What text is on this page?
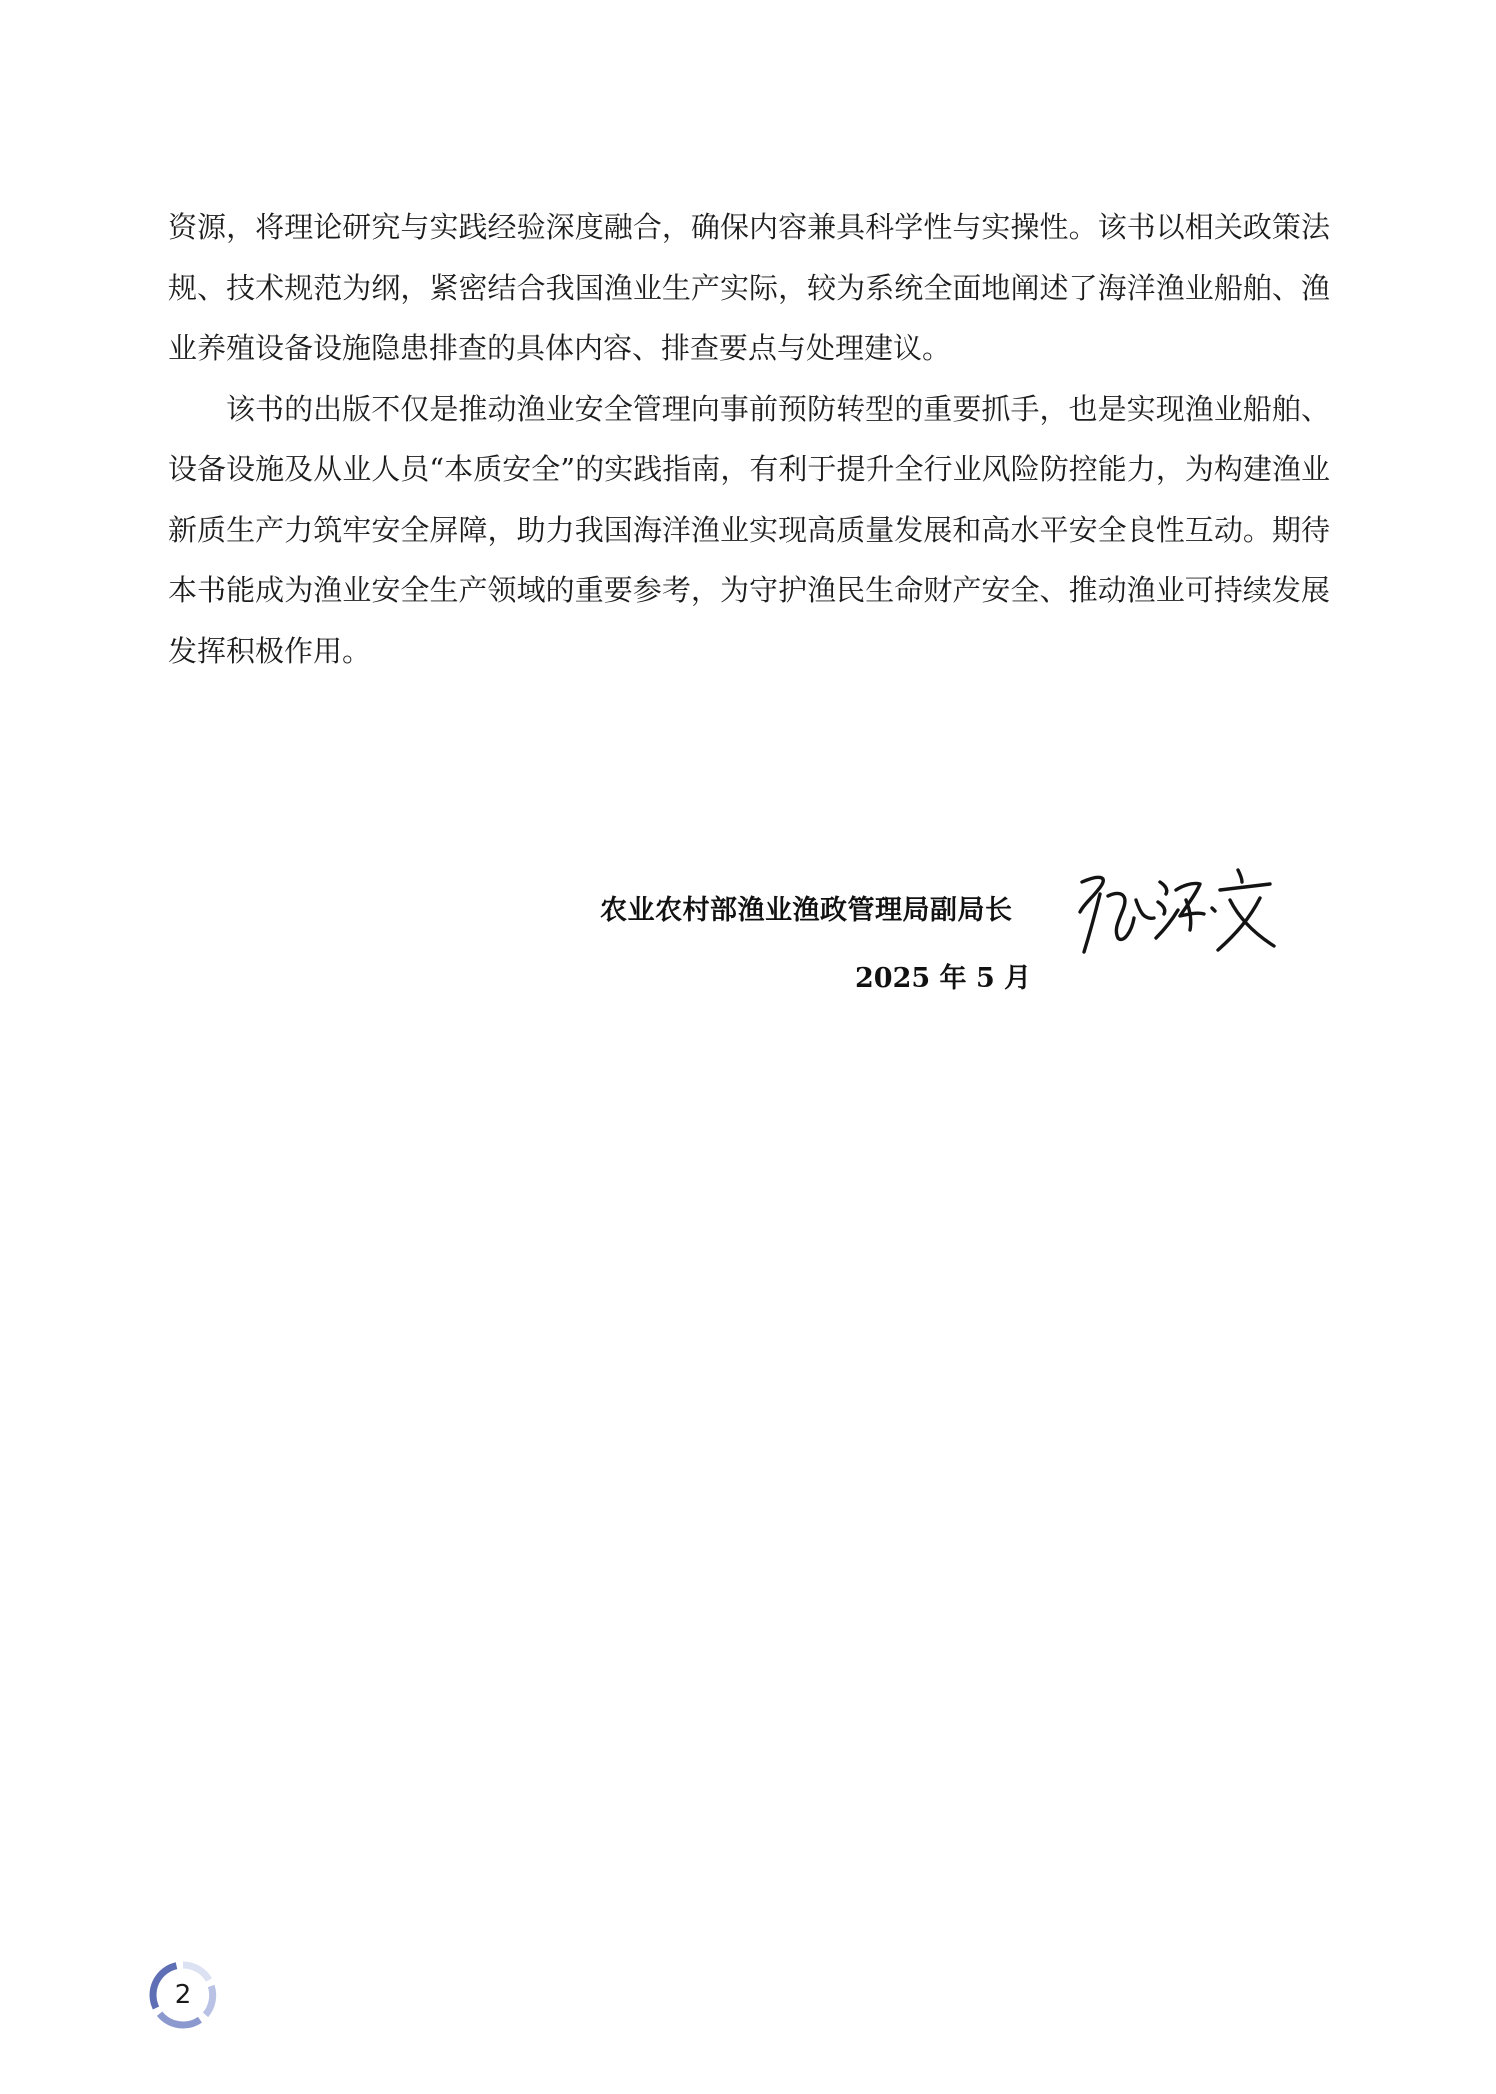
资源，将理论研究与实践经验深度融合，确保内容兼具科学性与实操性。该书以相关政策法规、技术规范为纲，紧密结合我国渔业生产实际，较为系统全面地阐述了海洋渔业船舶、渔业养殖设备设施隐患排查的具体内容、排查要点与处理建议。

该书的出版不仅是推动渔业安全管理向事前预防转型的重要抓手，也是实现渔业船舶、设备设施及从业人员“本质安全”的实践指南，有利于提升全行业风险防控能力，为构建渔业新质生产力筑牢安全屏障，助力我国海洋渔业实现高质量发展和高水平安全良性互动。期待本书能成为渔业安全生产领域的重要参考，为守护渔民生命财产安全、推动渔业可持续发展发挥积极作用。

农业农村部渔业渔政管理局副局长
2025 年 5 月
2
